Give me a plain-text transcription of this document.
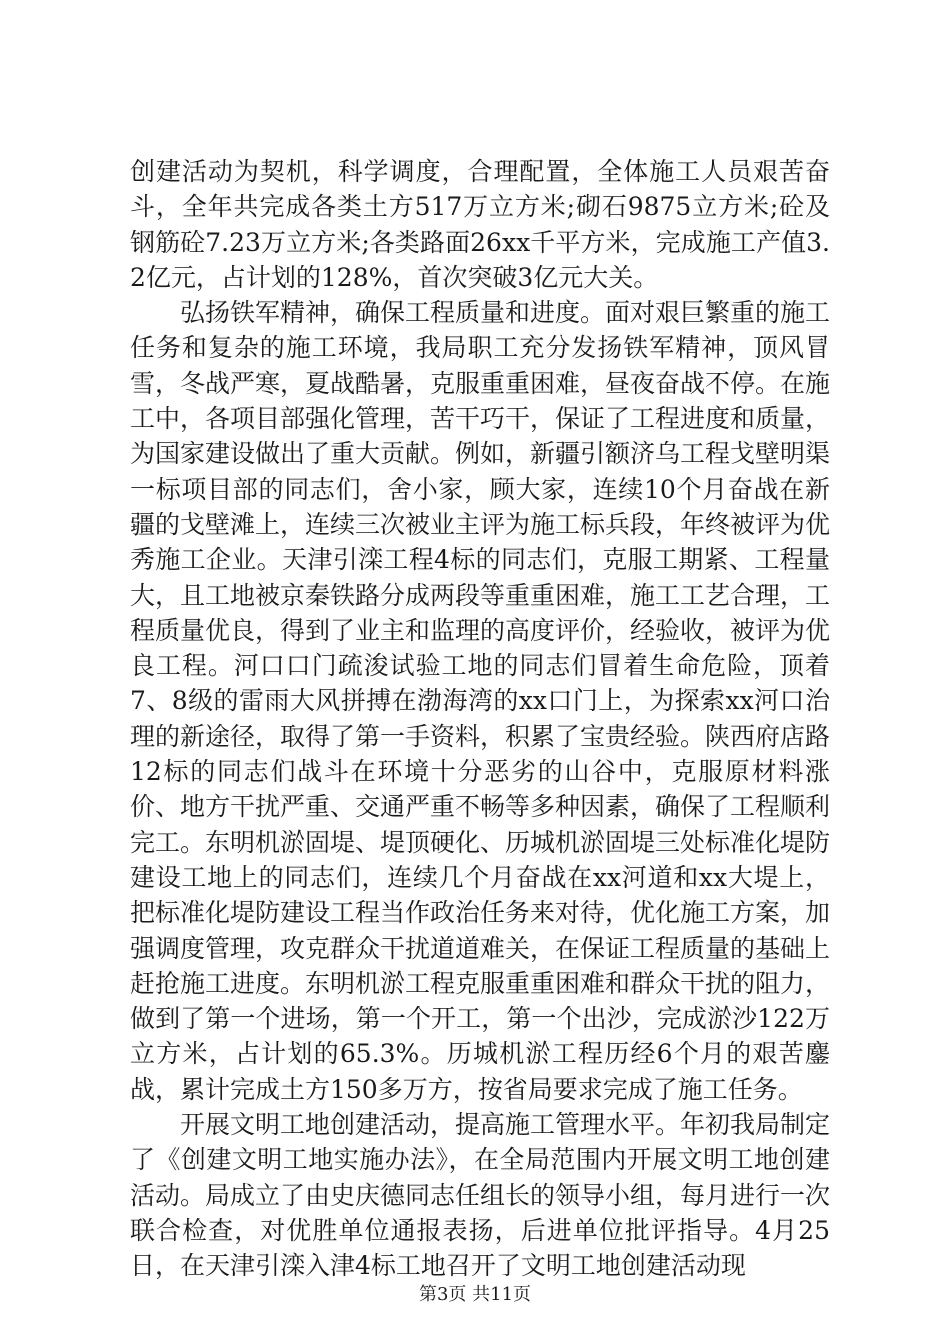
创建活动为契机，科学调度，合理配置，全体施工人员艰苦奋斗，全年共完成各类土方517万立方米;砌石9875立方米;砼及钢筋砼7.23万立方米;各类路面26xx千平方米，完成施工产值3.2亿元，占计划的128%，首次突破3亿元大关。

弘扬铁军精神，确保工程质量和进度。面对艰巨繁重的施工任务和复杂的施工环境，我局职工充分发扬铁军精神，顶风冒雪，冬战严寒，夏战酷暑，克服重重困难，昼夜奋战不停。在施工中，各项目部强化管理，苦干巧干，保证了工程进度和质量，为国家建设做出了重大贡献。例如，新疆引额济乌工程戈壁明渠一标项目部的同志们，舍小家，顾大家，连续10个月奋战在新疆的戈壁滩上，连续三次被业主评为施工标兵段，年终被评为优秀施工企业。天津引滦工程4标的同志们，克服工期紧、工程量大，且工地被京秦铁路分成两段等重重困难，施工工艺合理，工程质量优良，得到了业主和监理的高度评价，经验收，被评为优良工程。河口口门疏浚试验工地的同志们冒着生命危险，顶着7、8级的雷雨大风拼搏在渤海湾的xx口门上，为探索xx河口治理的新途径，取得了第一手资料，积累了宝贵经验。陕西府店路12标的同志们战斗在环境十分恶劣的山谷中，克服原材料涨价、地方干扰严重、交通严重不畅等多种因素，确保了工程顺利完工。东明机淤固堤、堤顶硬化、历城机淤固堤三处标准化堤防建设工地上的同志们，连续几个月奋战在xx河道和xx大堤上，把标准化堤防建设工程当作政治任务来对待，优化施工方案，加强调度管理，攻克群众干扰道道难关，在保证工程质量的基础上赶抢施工进度。东明机淤工程克服重重困难和群众干扰的阻力，做到了第一个进场，第一个开工，第一个出沙，完成淤沙122万立方米，占计划的65.3%。历城机淤工程历经6个月的艰苦鏖战，累计完成土方150多万方，按省局要求完成了施工任务。

开展文明工地创建活动，提高施工管理水平。年初我局制定了《创建文明工地实施办法》，在全局范围内开展文明工地创建活动。局成立了由史庆德同志任组长的领导小组，每月进行一次联合检查，对优胜单位通报表扬，后进单位批评指导。4月25日，在天津引滦入津4标工地召开了文明工地创建活动现

第3页 共11页
